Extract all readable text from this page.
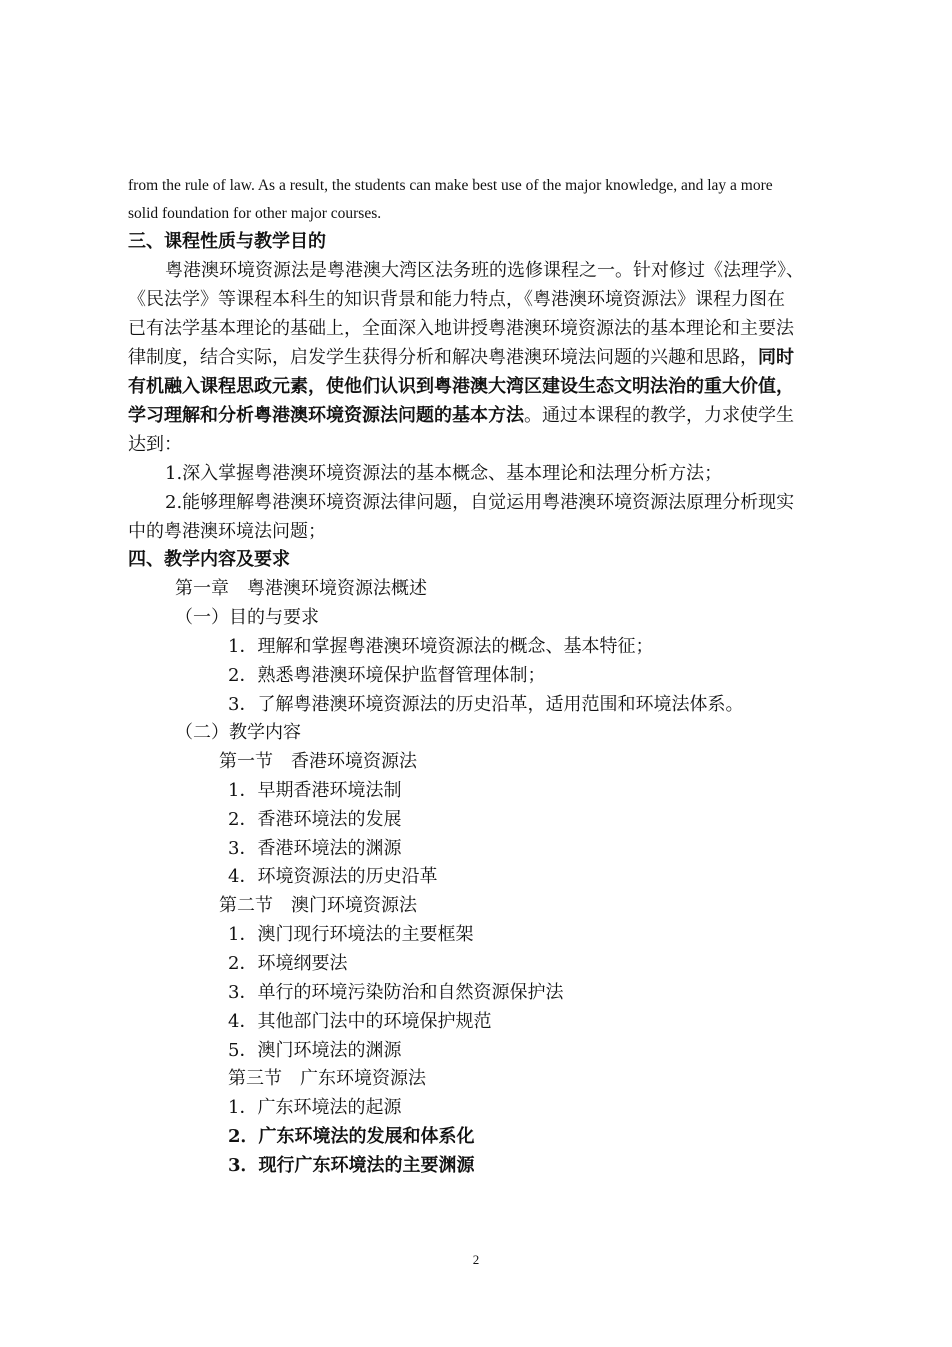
from the rule of law. As a result, the students can make best use of the major knowledge, and lay a more
solid foundation for other major courses.
三、课程性质与教学目的
粤港澳环境资源法是粤港澳大湾区法务班的选修课程之一。针对修过《法理学》、
《民法学》等课程本科生的知识背景和能力特点，《粤港澳环境资源法》课程力图在
已有法学基本理论的基础上，全面深入地讲授粤港澳环境资源法的基本理论和主要法
律制度，结合实际，启发学生获得分析和解决粤港澳环境法问题的兴趣和思路，同时
有机融入课程思政元素，使他们认识到粤港澳大湾区建设生态文明法治的重大价值，
学习理解和分析粤港澳环境资源法问题的基本方法。通过本课程的教学，力求使学生
达到：
1.深入掌握粤港澳环境资源法的基本概念、基本理论和法理分析方法；
2.能够理解粤港澳环境资源法律问题，自觉运用粤港澳环境资源法原理分析现实
中的粤港澳环境法问题；
四、教学内容及要求
第一章　粤港澳环境资源法概述
（一）目的与要求
1．理解和掌握粤港澳环境资源法的概念、基本特征；
2．熟悉粤港澳环境保护监督管理体制；
3．了解粤港澳环境资源法的历史沿革，适用范围和环境法体系。
（二）教学内容
第一节　香港环境资源法
1．早期香港环境法制
2．香港环境法的发展
3．香港环境法的渊源
4．环境资源法的历史沿革
第二节　澳门环境资源法
1．澳门现行环境法的主要框架
2．环境纲要法
3．单行的环境污染防治和自然资源保护法
4．其他部门法中的环境保护规范
5．澳门环境法的渊源
第三节　广东环境资源法
1．广东环境法的起源
2．广东环境法的发展和体系化
3．现行广东环境法的主要渊源
2
